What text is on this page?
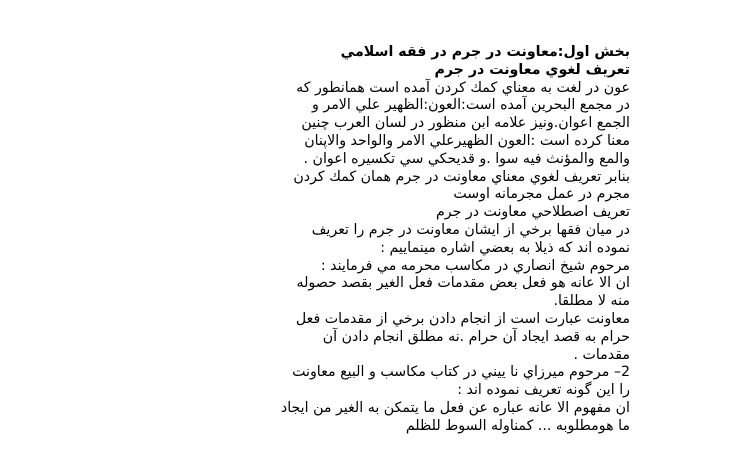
بخش اول:معاونت در جرم در فقه اسلامي
تعريف لغوي معاونت در جرم
عون در لغت به معناي كمك كردن آمده است همانطور كه
در مجمع البحرين آمده است:العون:الظهير علي الامر و
الجمع اعوان.ونيز علامه ابن منظور در لسان العرب چنين
معنا كرده است :العون الظهيرعلي الامر والواحد والاپنان
والمع والمؤنث فيه سوا .و قديحكي سي تكسيره اعوان .
بنابر تعريف لغوي معناي معاونت در جرم همان كمك كردن
مجرم در عمل مجرمانه اوست
تعريف اصطلاحي معاونت در جرم
در ميان فقها برخي از ايشان معاونت در جرم را تعريف
نموده اند كه ذيلا به بعضي اشاره مينماييم :
مرحوم شيخ انصاري در مكاسب محرمه مي فرمايند :
ان الا عانه هو فعل بعض مقدمات فعل الغير بقصد حصوله
منه لا مطلقا.
معاونت عبارت است از انجام دادن برخي از مقدمات فعل
حرام به قصد ايجاد آن حرام .نه مطلق انجام دادن آن
مقدمات .
2– مرحوم ميرزاي نا ييني در كتاب مكاسب و البيع معاونت
را اين گونه تعريف نموده اند :
ان مفهوم الا عانه عباره عن فعل ما يتمكن به الغير من ايجاد
ما هومطلوبه ... كمناوله السوط للظلم
